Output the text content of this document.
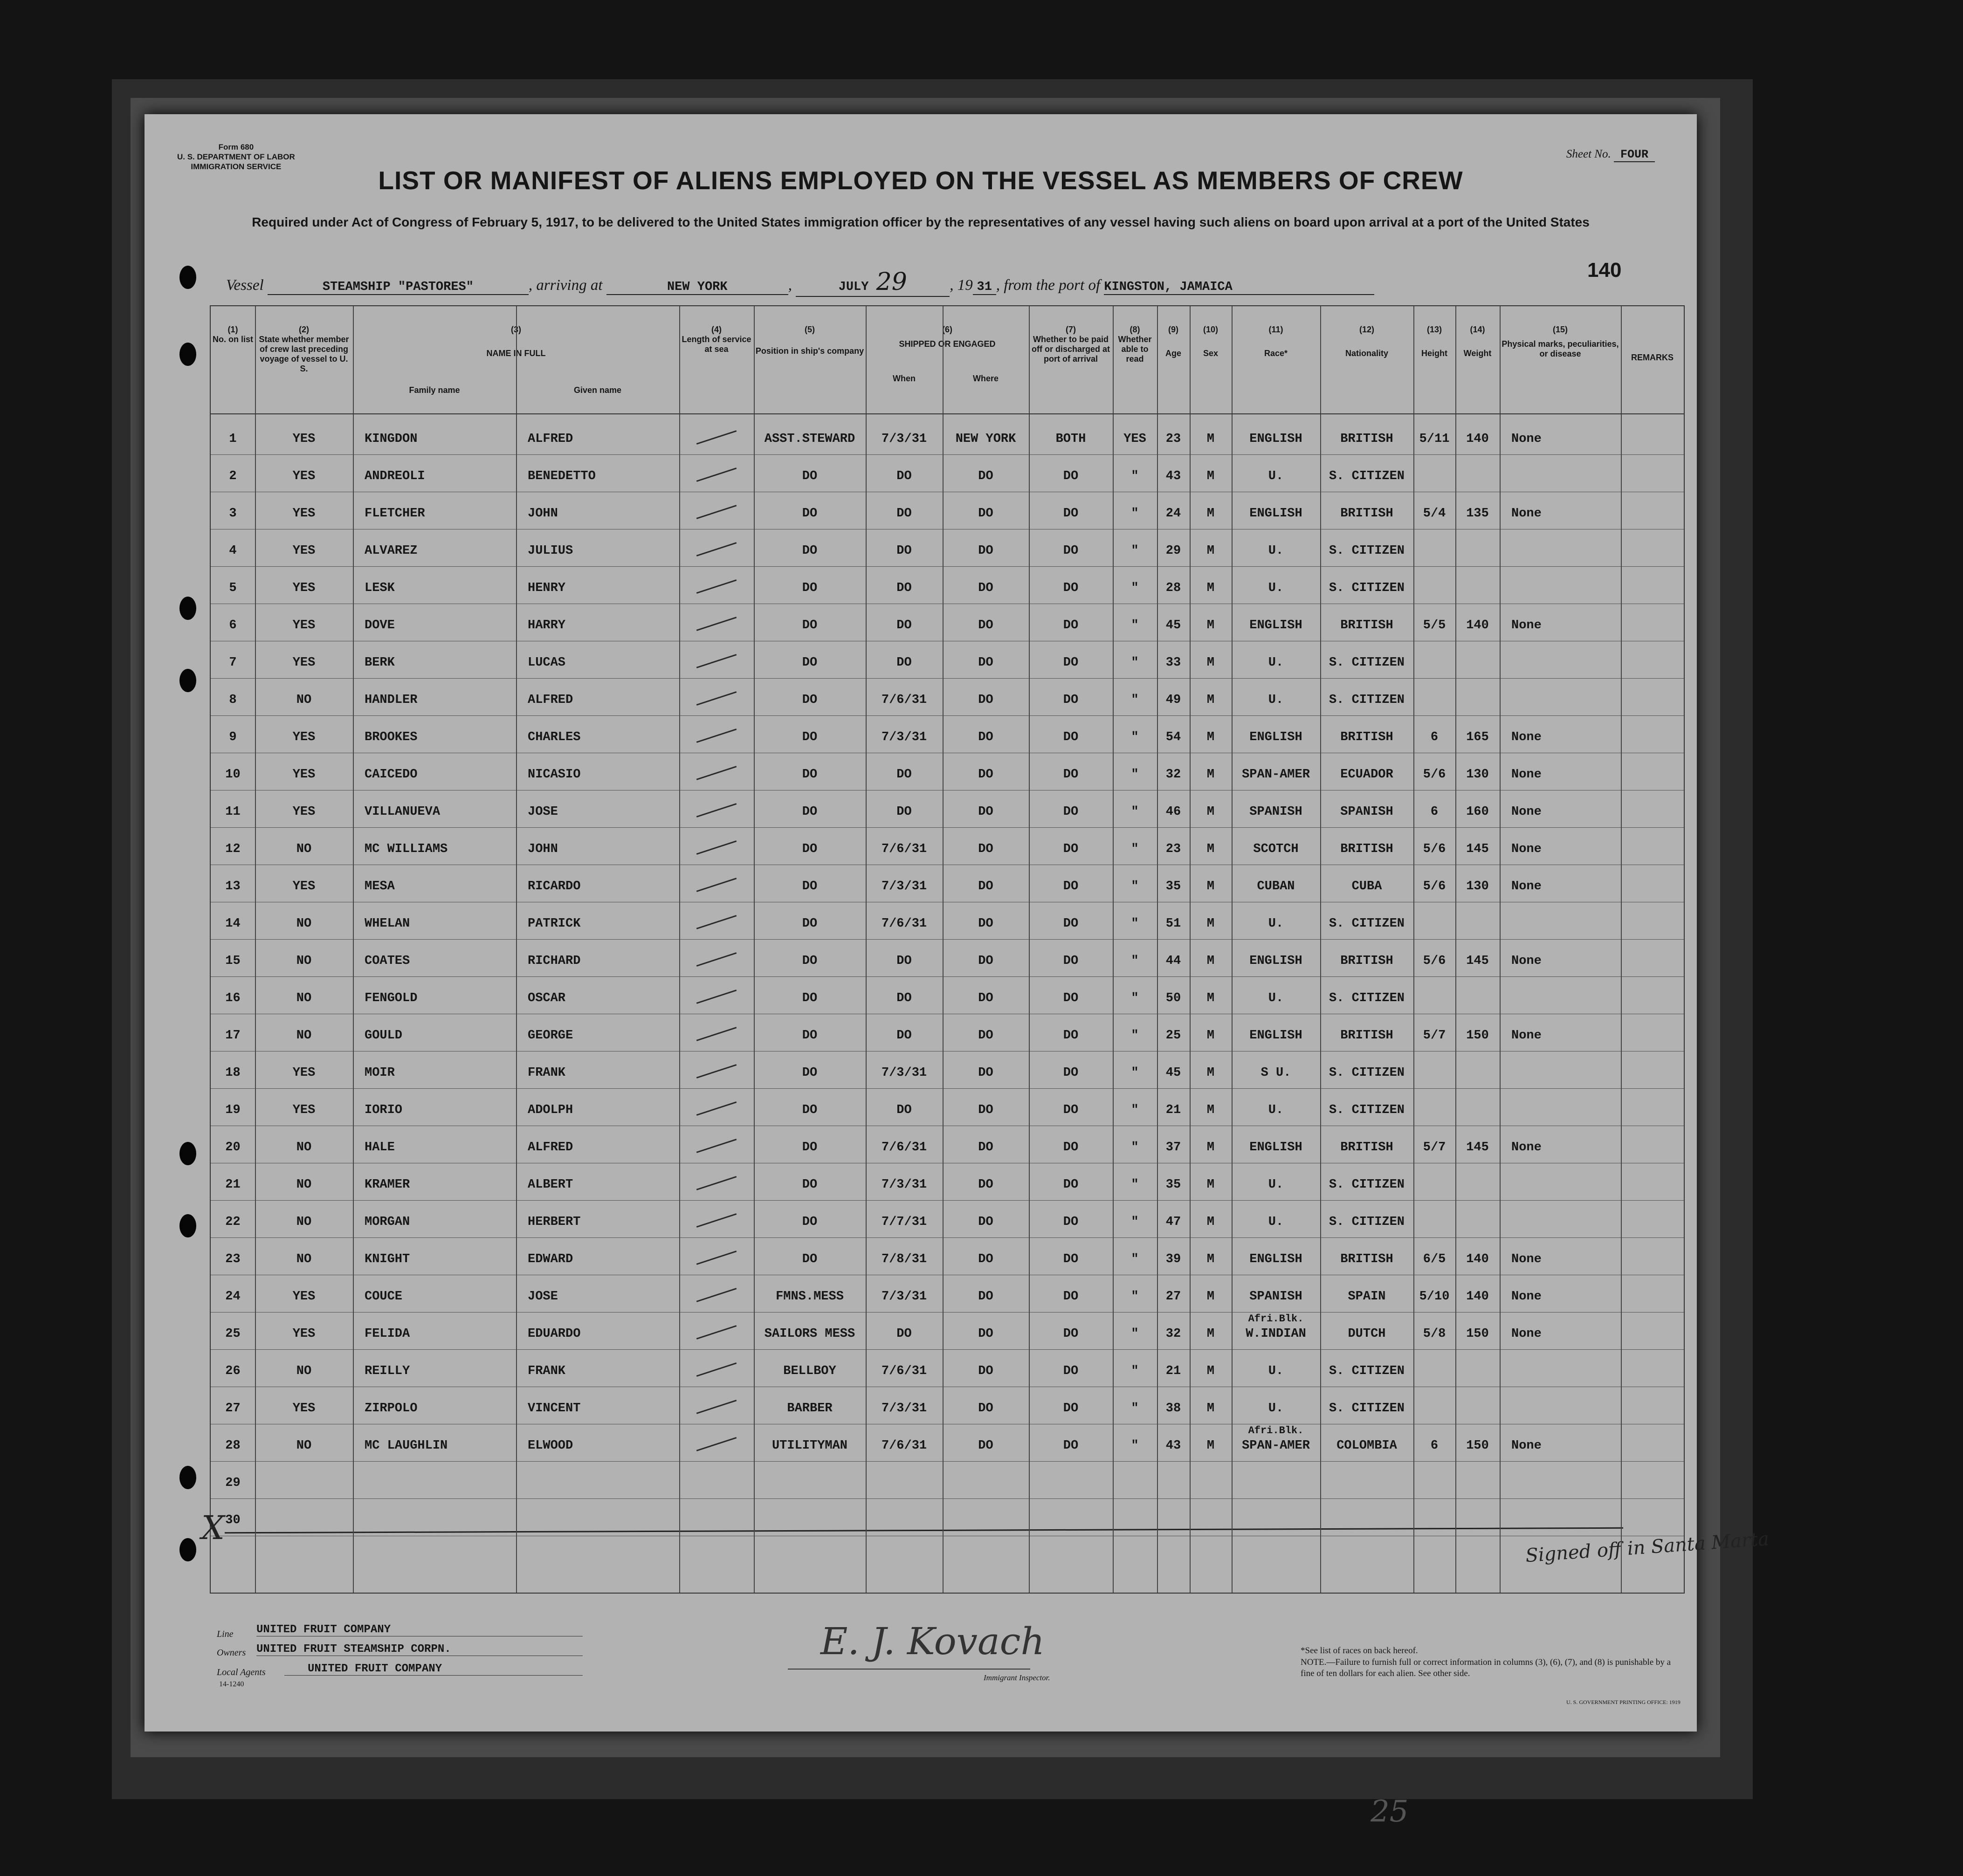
Form 680
U. S. DEPARTMENT OF LABOR
IMMIGRATION SERVICE
Sheet No. FOUR
LIST OR MANIFEST OF ALIENS EMPLOYED ON THE VESSEL AS MEMBERS OF CREW
Required under Act of Congress of February 5, 1917, to be delivered to the United States immigration officer by the representatives of any vessel having such aliens on board upon arrival at a port of the United States
Vessel	STEAMSHIP "PASTORES"	, arriving at	NEW YORK	,	JULY 29	, 19 31 , from the port of KINGSTON, JAMAICA
140
(1)
No. on list
(2)
State whether member of crew last preceding voyage of vessel to U. S.
(3)
NAME IN FULL
Family name	Given name
(4)
Length of service at sea
(5)
Position in ship's company
(6)
SHIPPED OR ENGAGED
When	Where
(7)
Whether to be paid off or discharged at port of arrival
(8)
Whether able to read
(9)
Age
(10)
Sex
(11)
Race*
(12)
Nationality
(13)
Height
(14)
Weight
(15)
Physical marks, peculiarities, or disease	REMARKS
1	YES	KINGDON	ALFRED	ASST.STEWARD	7/3/31	NEW YORK	BOTH	YES	23	M	ENGLISH	BRITISH	5/11	140	None
2	YES	ANDREOLI	BENEDETTO	DO	DO	DO	DO	"	43	M	U.	S. CITIZEN
3	YES	FLETCHER	JOHN	DO	DO	DO	DO	"	24	M	ENGLISH	BRITISH	5/4	135	None
4	YES	ALVAREZ	JULIUS	DO	DO	DO	DO	"	29	M	U.	S. CITIZEN
5	YES	LESK	HENRY	DO	DO	DO	DO	"	28	M	U.	S. CITIZEN
6	YES	DOVE	HARRY	DO	DO	DO	DO	"	45	M	ENGLISH	BRITISH	5/5	140	None
7	YES	BERK	LUCAS	DO	DO	DO	DO	"	33	M	U.	S. CITIZEN
8	NO	HANDLER	ALFRED	DO	7/6/31	DO	DO	"	49	M	U.	S. CITIZEN
9	YES	BROOKES	CHARLES	DO	7/3/31	DO	DO	"	54	M	ENGLISH	BRITISH	6	165	None
10	YES	CAICEDO	NICASIO	DO	DO	DO	DO	"	32	M	SPAN-AMER	ECUADOR	5/6	130	None
11	YES	VILLANUEVA	JOSE	DO	DO	DO	DO	"	46	M	SPANISH	SPANISH	6	160	None
12	NO	MC WILLIAMS	JOHN	DO	7/6/31	DO	DO	"	23	M	SCOTCH	BRITISH	5/6	145	None
13	YES	MESA	RICARDO	DO	7/3/31	DO	DO	"	35	M	CUBAN	CUBA	5/6	130	None
14	NO	WHELAN	PATRICK	DO	7/6/31	DO	DO	"	51	M	U.	S. CITIZEN
15	NO	COATES	RICHARD	DO	DO	DO	DO	"	44	M	ENGLISH	BRITISH	5/6	145	None
16	NO	FENGOLD	OSCAR	DO	DO	DO	DO	"	50	M	U.	S. CITIZEN
17	NO	GOULD	GEORGE	DO	DO	DO	DO	"	25	M	ENGLISH	BRITISH	5/7	150	None
18	YES	MOIR	FRANK	DO	7/3/31	DO	DO	"	45	M	S U.	S. CITIZEN
19	YES	IORIO	ADOLPH	DO	DO	DO	DO	"	21	M	U.	S. CITIZEN
20	NO	HALE	ALFRED	DO	7/6/31	DO	DO	"	37	M	ENGLISH	BRITISH	5/7	145	None
21	NO	KRAMER	ALBERT	DO	7/3/31	DO	DO	"	35	M	U.	S. CITIZEN
22	NO	MORGAN	HERBERT	DO	7/7/31	DO	DO	"	47	M	U.	S. CITIZEN
23	NO	KNIGHT	EDWARD	DO	7/8/31	DO	DO	"	39	M	ENGLISH	BRITISH	6/5	140	None
24	YES	COUCE	JOSE	FMNS.MESS	7/3/31	DO	DO	"	27	M	SPANISH	SPAIN	5/10	140	None
25	YES	FELIDA	EDUARDO	SAILORS MESS	DO	DO	DO	"	32	M	W.INDIAN	DUTCH	5/8	150	None
Afri.Blk.
26	NO	REILLY	FRANK	BELLBOY	7/6/31	DO	DO	"	21	M	U.	S. CITIZEN
27	YES	ZIRPOLO	VINCENT	BARBER	7/3/31	DO	DO	"	38	M	U.	S. CITIZEN
28	NO	MC LAUGHLIN	ELWOOD	UTILITYMAN	7/6/31	DO	DO	"	43	M	SPAN-AMER	COLOMBIA	6	150	None
Afri.Blk.
29
30
X
Signed off in Santa Marta
Line UNITED FRUIT COMPANY
Owners UNITED FRUIT STEAMSHIP CORPN.
Local Agents	UNITED FRUIT COMPANY
14-1240
E. J. Kovach
Immigrant Inspector.
*See list of races on back hereof.
NOTE.—Failure to furnish full or correct information in columns (3), (6), (7), and (8) is punishable by a fine of ten dollars for each alien. See other side.
U. S. GOVERNMENT PRINTING OFFICE: 1919
25
